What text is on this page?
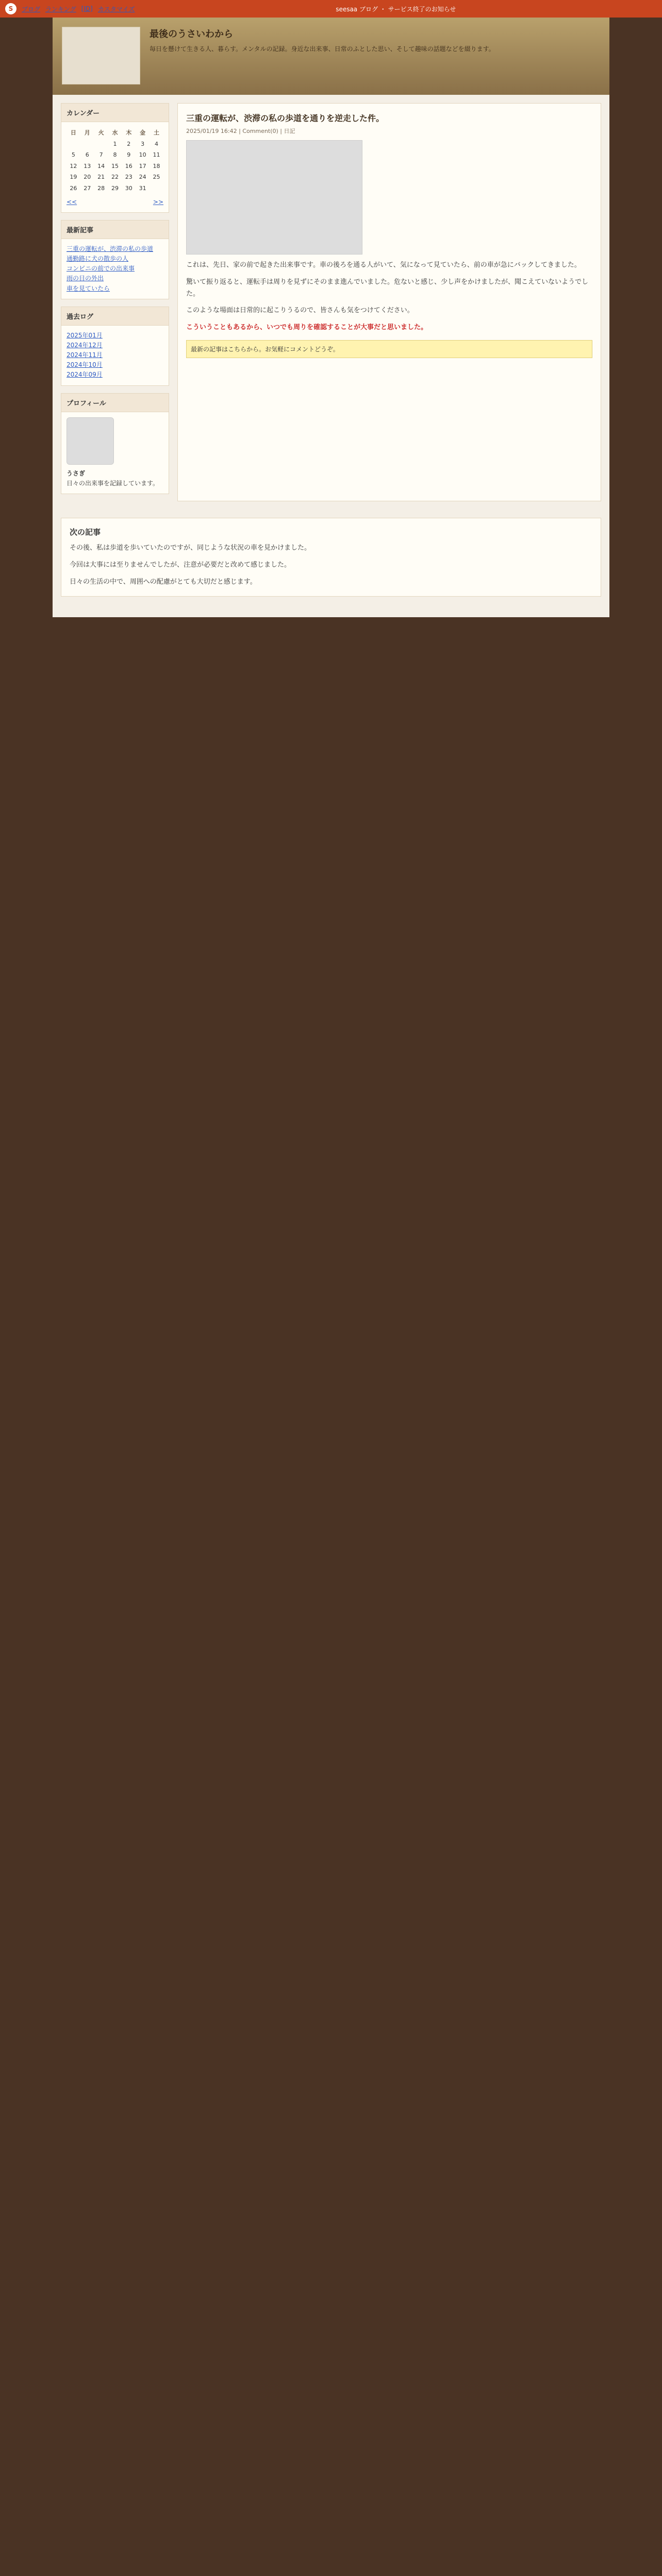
S	ブログ ランキング [ID] カスタマイズ	seesaa ブログ ・ サービス終了のお知らせ
最後のうさいわから
毎日を懸けて生きる人、暮らす。メンタルの記録。身近な出来事、日常のふとした思い、そして趣味の話題などを綴ります。
カレンダー
日	月	火	水	木	金	土
			1	2	3	4
5	6	7	8	9	10	11
12	13	14	15	16	17	18
19	20	21	22	23	24	25
26	27	28	29	30	31	
<<	>>
最新記事
三重の運転が、渋滞の私の歩道
通勤路に犬の散歩の人
コンビニの前での出来事
雨の日の外出
車を見ていたら
過去ログ
2025年01月
2024年12月
2024年11月
2024年10月
2024年09月
プロフィール
うさぎ
日々の出来事を記録しています。
三重の運転が、渋滞の私の歩道を通りを逆走した件。
2025/01/19 16:42 | Comment(0) | 日記

これは、先日、家の前で起きた出来事です。車の後ろを通る人がいて、気になって見ていたら、前の車が急にバックしてきました。

驚いて振り返ると、運転手は周りを見ずにそのまま進んでいました。危ないと感じ、少し声をかけましたが、聞こえていないようでした。

このような場面は日常的に起こりうるので、皆さんも気をつけてください。

こういうこともあるから、いつでも周りを確認することが大事だと思いました。

最新の記事はこちらから。お気軽にコメントどうぞ。
次の記事

その後、私は歩道を歩いていたのですが、同じような状況の車を見かけました。

今回は大事には至りませんでしたが、注意が必要だと改めて感じました。

日々の生活の中で、周囲への配慮がとても大切だと感じます。
